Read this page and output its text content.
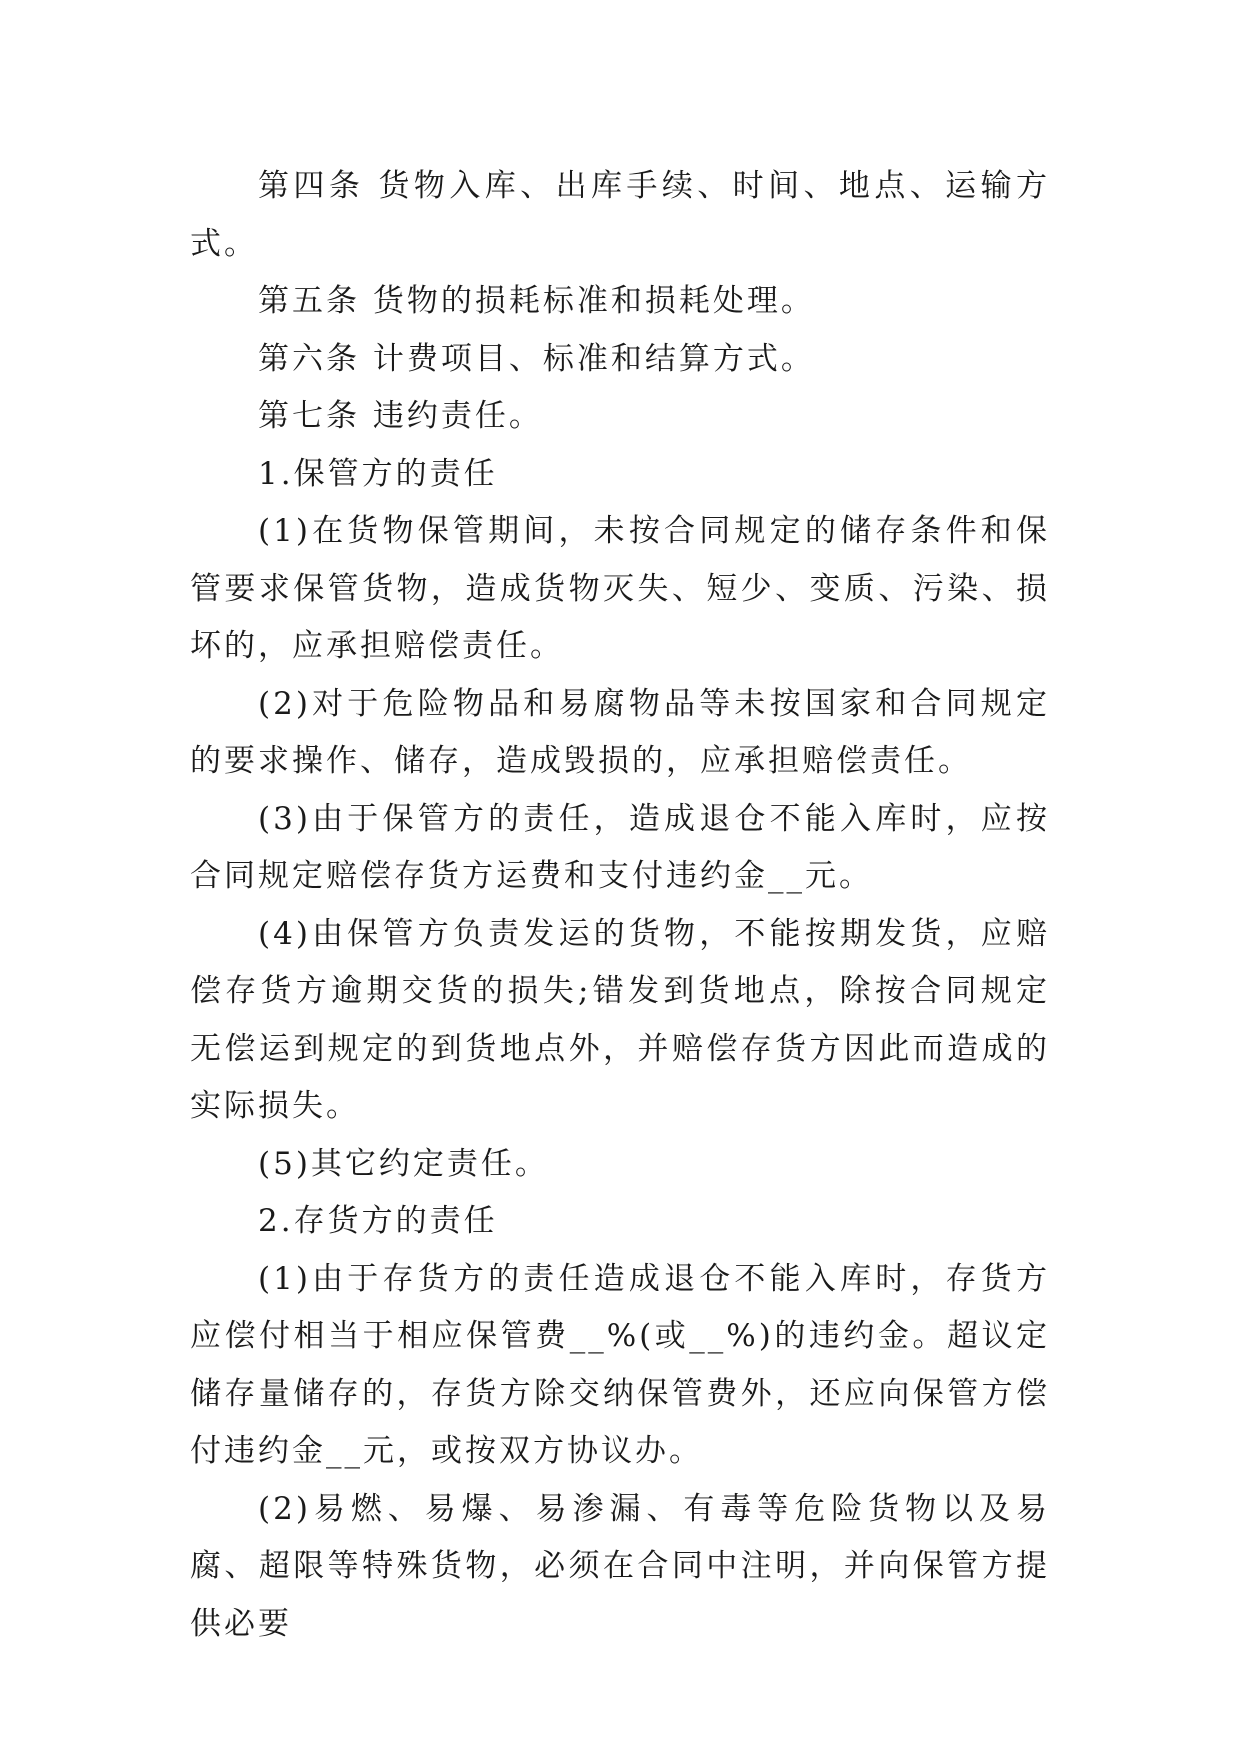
第四条 货物入库、出库手续、时间、地点、运输方式。

第五条 货物的损耗标准和损耗处理。

第六条 计费项目、标准和结算方式。

第七条 违约责任。

1.保管方的责任

(1)在货物保管期间，未按合同规定的储存条件和保管要求保管货物，造成货物灭失、短少、变质、污染、损坏的，应承担赔偿责任。

(2)对于危险物品和易腐物品等未按国家和合同规定的要求操作、储存，造成毁损的，应承担赔偿责任。

(3)由于保管方的责任，造成退仓不能入库时，应按合同规定赔偿存货方运费和支付违约金__元。

(4)由保管方负责发运的货物，不能按期发货，应赔偿存货方逾期交货的损失;错发到货地点，除按合同规定无偿运到规定的到货地点外，并赔偿存货方因此而造成的实际损失。

(5)其它约定责任。

2.存货方的责任

(1)由于存货方的责任造成退仓不能入库时，存货方应偿付相当于相应保管费__%(或__%)的违约金。超议定储存量储存的，存货方除交纳保管费外，还应向保管方偿付违约金__元，或按双方协议办。

(2)易燃、易爆、易渗漏、有毒等危险货物以及易腐、超限等特殊货物，必须在合同中注明，并向保管方提供必要
